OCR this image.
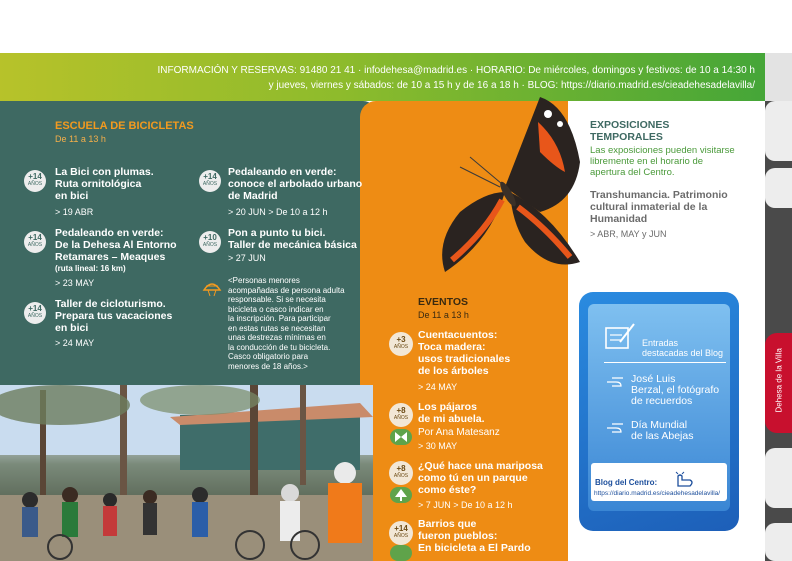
INFORMACIÓN Y RESERVAS: 91480 21 41 · infodehesa@madrid.es · HORARIO: De miércoles, domingos y festivos: de 10 a 14:30 h
y jueves, viernes y sábados: de 10 a 15 h y de 16 a 18 h · BLOG: https://diario.madrid.es/cieadehesadelavilla/
Dehesa de la Villa
ESCUELA DE BICICLETAS
De 11 a 13 h
+14
AÑOS
La Bici con plumas.
Ruta ornitológica
en bici
> 19 ABR
+14
AÑOS
Pedaleando en verde:
De la Dehesa Al Entorno
Retamares – Meaques
(ruta lineal: 16 km)
> 23 MAY
+14
AÑOS
Taller de cicloturismo.
Prepara tus vacaciones
en bici
> 24 MAY
+14
AÑOS
Pedaleando en verde:
conoce el arbolado urbano
de Madrid
> 20 JUN > De 10 a 12 h
+10
AÑOS
Pon a punto tu bici.
Taller de mecánica básica
> 27 JUN
<Personas menores
acompañadas de persona adulta
responsable. Si se necesita
bicicleta o casco indicar en
la inscripción. Para participar
en estas rutas se necesitan
unas destrezas mínimas en
la conducción de tu bicicleta.
Casco obligatorio para
menores de 18 años.>
EVENTOS
De 11 a 13 h
+3
AÑOS
Cuentacuentos:
Toca madera:
usos tradicionales
de los árboles
> 24 MAY
+8
AÑOS
Los pájaros
de mi abuela.
Por Ana Matesanz
> 30 MAY
+8
AÑOS
¿Qué hace una mariposa
como tú en un parque
como éste?
> 7 JUN > De 10 a 12 h
+14
AÑOS
Barrios que
fueron pueblos:
En bicicleta a El Pardo
EXPOSICIONES
TEMPORALES
Las exposiciones pueden visitarse
libremente en el horario de
apertura del Centro.
Transhumancia. Patrimonio
cultural inmaterial de la
Humanidad
> ABR, MAY y JUN
Entradas
destacadas del Blog
José Luis
Berzal, el fotógrafo
de recuerdos
Día Mundial
de las Abejas
Blog del Centro:
https://diario.madrid.es/cieadehesadelavilla/
